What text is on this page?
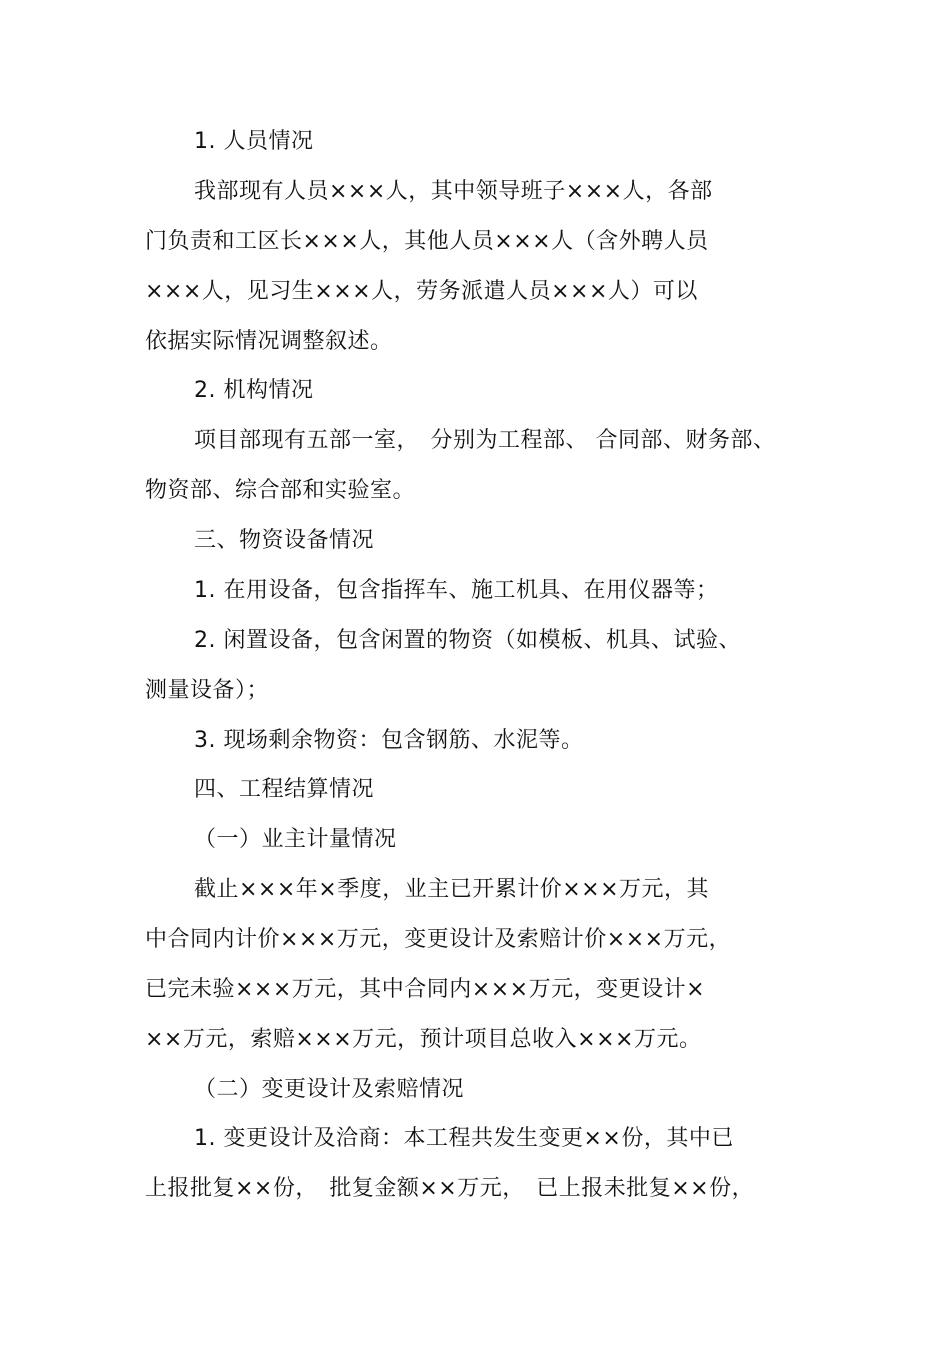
1. 人员情况
我部现有人员×××人，其中领导班子×××人，各部
门负责和工区长×××人，其他人员×××人（含外聘人员
×××人，见习生×××人，劳务派遣人员×××人）可以
依据实际情况调整叙述。
2. 机构情况
项目部现有五部一室，　分别为工程部、 合同部、财务部、
物资部、综合部和实验室。
三、物资设备情况
1. 在用设备，包含指挥车、施工机具、在用仪器等；
2. 闲置设备，包含闲置的物资（如模板、机具、试验、
测量设备）；
3. 现场剩余物资：包含钢筋、水泥等。
四、工程结算情况
（一）业主计量情况
截止×××年×季度，业主已开累计价×××万元，其
中合同内计价×××万元，变更设计及索赔计价×××万元，
已完未验×××万元，其中合同内×××万元，变更设计×
××万元，索赔×××万元，预计项目总收入×××万元。
（二）变更设计及索赔情况
1. 变更设计及洽商：本工程共发生变更××份，其中已
上报批复××份，　批复金额××万元，　已上报未批复××份，
